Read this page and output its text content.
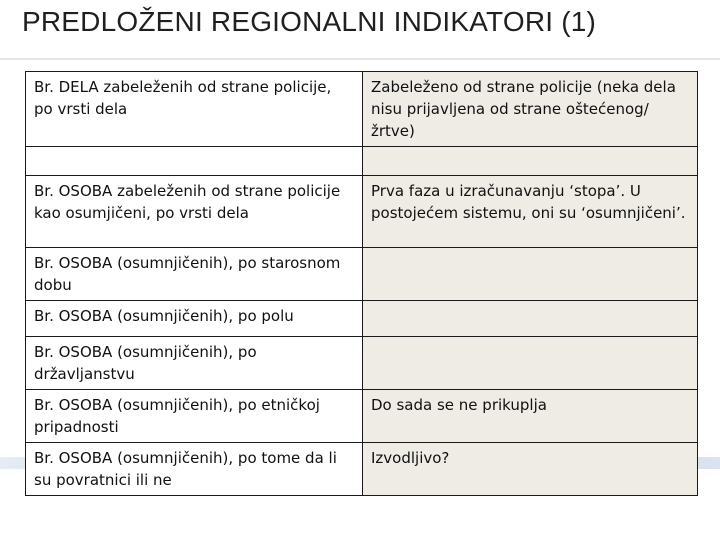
PREDLOŽENI REGIONALNI INDIKATORI (1)
Br. DELA zabeleženih od strane policije, po vrsti dela	Zabeleženo od strane policije (neka dela nisu prijavljena od strane oštećenog/žrtve)

Br. OSOBA zabeleženih od strane policije kao osumjičeni, po vrsti dela	Prva faza u izračunavanju ‘stopa’. U postojećem sistemu, oni su ‘osumnjičeni’.
Br. OSOBA (osumnjičenih), po starosnom dobu	
Br. OSOBA (osumnjičenih), po polu	
Br. OSOBA (osumnjičenih), po državljanstvu	
Br. OSOBA (osumnjičenih), po etničkoj pripadnosti	Do sada se ne prikuplja
Br. OSOBA (osumnjičenih), po tome da li su povratnici ili ne	Izvodljivo?
